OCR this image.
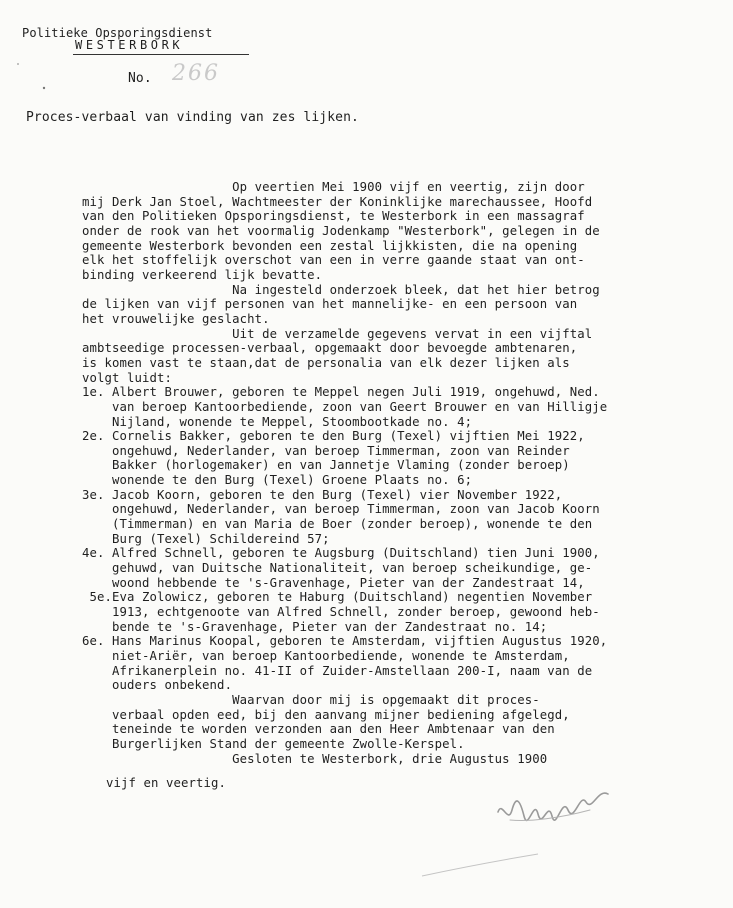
Politieke Opsporingsdienst
WESTERBORK
No. 266
Proces-verbaal van vinding van zes lijken.
Op veertien Mei 1900 vijf en veertig, zijn door
mij Derk Jan Stoel, Wachtmeester der Koninklijke marechaussee, Hoofd
van den Politieken Opsporingsdienst, te Westerbork in een massagraf
onder de rook van het voormalig Jodenkamp "Westerbork", gelegen in de
gemeente Westerbork bevonden een zestal lijkkisten, die na opening
elk het stoffelijk overschot van een in verre gaande staat van ont-
binding verkeerend lijk bevatte.
Na ingesteld onderzoek bleek, dat het hier betrog
de lijken van vijf personen van het mannelijke- en een persoon van
het vrouwelijke geslacht.
Uit de verzamelde gegevens vervat in een vijftal
ambtseedige processen-verbaal, opgemaakt door bevoegde ambtenaren,
is komen vast te staan,dat de personalia van elk dezer lijken als
volgt luidt:
1e. Albert Brouwer, geboren te Meppel negen Juli 1919, ongehuwd, Ned.
van beroep Kantoorbediende, zoon van Geert Brouwer en van Hilligje
Nijland, wonende te Meppel, Stoombootkade no. 4;
2e. Cornelis Bakker, geboren te den Burg (Texel) vijftien Mei 1922,
ongehuwd, Nederlander, van beroep Timmerman, zoon van Reinder
Bakker (horlogemaker) en van Jannetje Vlaming (zonder beroep)
wonende te den Burg (Texel) Groene Plaats no. 6;
3e. Jacob Koorn, geboren te den Burg (Texel) vier November 1922,
ongehuwd, Nederlander, van beroep Timmerman, zoon van Jacob Koorn
(Timmerman) en van Maria de Boer (zonder beroep), wonende te den
Burg (Texel) Schildereind 57;
4e. Alfred Schnell, geboren te Augsburg (Duitschland) tien Juni 1900,
gehuwd, van Duitsche Nationaliteit, van beroep scheikundige, ge-
woond hebbende te 's-Gravenhage, Pieter van der Zandestraat 14,
5e.Eva Zolowicz, geboren te Haburg (Duitschland) negentien November
1913, echtgenoote van Alfred Schnell, zonder beroep, gewoond heb-
bende te 's-Gravenhage, Pieter van der Zandestraat no. 14;
6e. Hans Marinus Koopal, geboren te Amsterdam, vijftien Augustus 1920,
niet-Ariër, van beroep Kantoorbediende, wonende te Amsterdam,
Afrikanerplein no. 41-II of Zuider-Amstellaan 200-I, naam van de
ouders onbekend.
Waarvan door mij is opgemaakt dit proces-
verbaal opden eed, bij den aanvang mijner bediening afgelegd,
teneinde te worden verzonden aan den Heer Ambtenaar van den
Burgerlijken Stand der gemeente Zwolle-Kerspel.
Gesloten te Westerbork, drie Augustus 1900
vijf en veertig.
